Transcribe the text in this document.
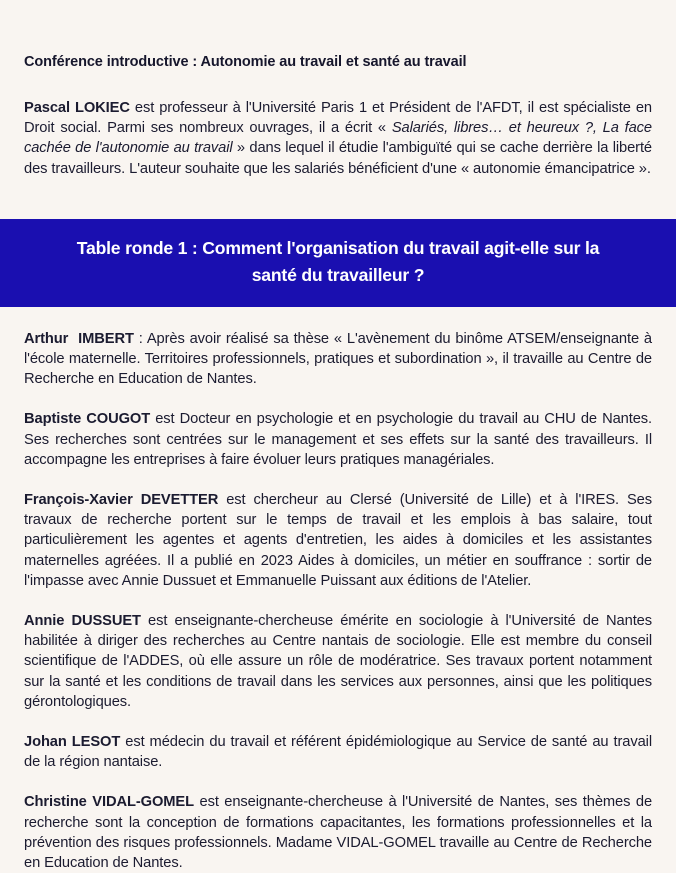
Conférence introductive : Autonomie au travail et santé au travail

Pascal LOKIEC est professeur à l'Université Paris 1 et Président de l'AFDT, il est spécialiste en Droit social. Parmi ses nombreux ouvrages, il a écrit « Salariés, libres… et heureux ?, La face cachée de l'autonomie au travail » dans lequel il étudie l'ambiguïté qui se cache derrière la liberté des travailleurs. L'auteur souhaite que les salariés bénéficient d'une « autonomie émancipatrice ».

Table ronde 1 : Comment l'organisation du travail agit-elle sur la santé du travailleur ?

Arthur IMBERT : Après avoir réalisé sa thèse « L'avènement du binôme ATSEM/enseignante à l'école maternelle. Territoires professionnels, pratiques et subordination », il travaille au Centre de Recherche en Education de Nantes.

Baptiste COUGOT est Docteur en psychologie et en psychologie du travail au CHU de Nantes. Ses recherches sont centrées sur le management et ses effets sur la santé des travailleurs. Il accompagne les entreprises à faire évoluer leurs pratiques managériales.

François-Xavier DEVETTER est chercheur au Clersé (Université de Lille) et à l'IRES. Ses travaux de recherche portent sur le temps de travail et les emplois à bas salaire, tout particulièrement les agentes et agents d'entretien, les aides à domiciles et les assistantes maternelles agréées. Il a publié en 2023 Aides à domiciles, un métier en souffrance : sortir de l'impasse avec Annie Dussuet et Emmanuelle Puissant aux éditions de l'Atelier.

Annie DUSSUET est enseignante-chercheuse émérite en sociologie à l'Université de Nantes habilitée à diriger des recherches au Centre nantais de sociologie. Elle est membre du conseil scientifique de l'ADDES, où elle assure un rôle de modératrice. Ses travaux portent notamment sur la santé et les conditions de travail dans les services aux personnes, ainsi que les politiques gérontologiques.

Johan LESOT est médecin du travail et référent épidémiologique au Service de santé au travail de la région nantaise.

Christine VIDAL-GOMEL est enseignante-chercheuse à l'Université de Nantes, ses thèmes de recherche sont la conception de formations capacitantes, les formations professionnelles et la prévention des risques professionnels. Madame VIDAL-GOMEL travaille au Centre de Recherche en Education de Nantes.
